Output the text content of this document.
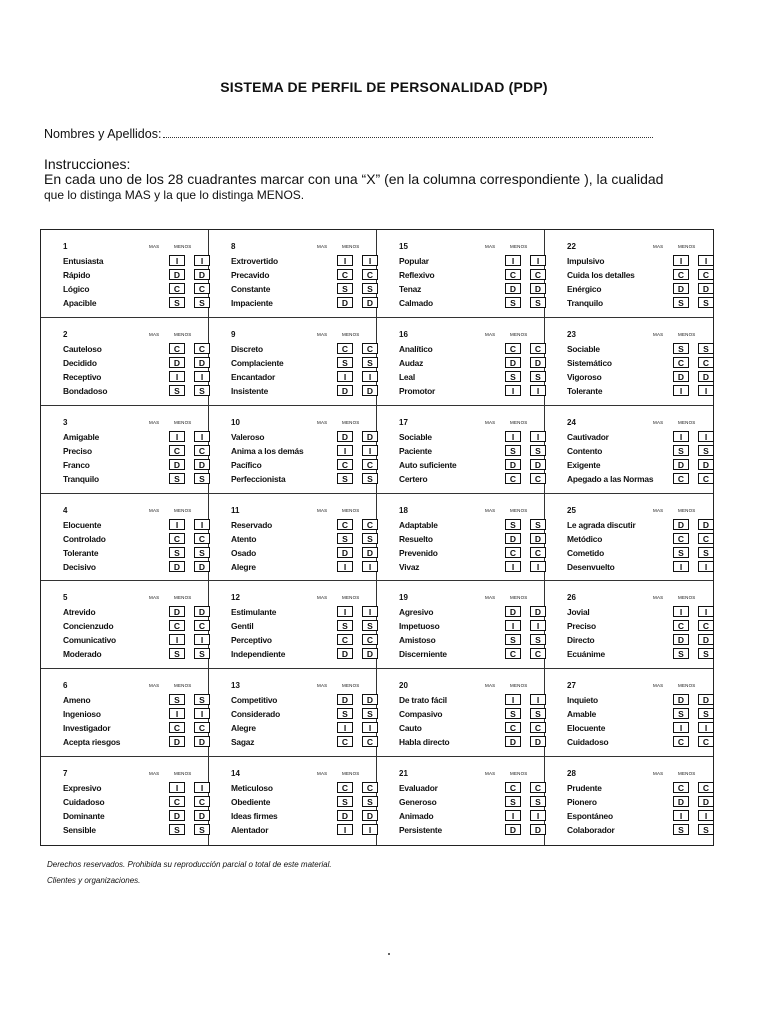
SISTEMA DE PERFIL DE PERSONALIDAD (PDP)
Nombres y Apellidos:
Instrucciones:
En cada uno de los 28 cuadrantes marcar con una “X” (en la columna correspondiente ), la cualidad
que lo distinga MAS y la que lo distinga MENOS.
1	MAS	MENOS
Entusiasta	I	I
Rápido	D	D
Lógico	C	C
Apacible	S	S
8	MAS	MENOS
Extrovertido	I	I
Precavido	C	C
Constante	S	S
Impaciente	D	D
15	MAS	MENOS
Popular	I	I
Reflexivo	C	C
Tenaz	D	D
Calmado	S	S
22	MAS	MENOS
Impulsivo	I	I
Cuida los detalles	C	C
Enérgico	D	D
Tranquilo	S	S
2	MAS	MENOS
Cauteloso	C	C
Decidido	D	D
Receptivo	I	I
Bondadoso	S	S
9	MAS	MENOS
Discreto	C	C
Complaciente	S	S
Encantador	I	I
Insistente	D	D
16	MAS	MENOS
Analítico	C	C
Audaz	D	D
Leal	S	S
Promotor	I	I
23	MAS	MENOS
Sociable	S	S
Sistemático	C	C
Vigoroso	D	D
Tolerante	I	I
3	MAS	MENOS
Amigable	I	I
Preciso	C	C
Franco	D	D
Tranquilo	S	S
10	MAS	MENOS
Valeroso	D	D
Anima a los demás	I	I
Pacífico	C	C
Perfeccionista	S	S
17	MAS	MENOS
Sociable	I	I
Paciente	S	S
Auto suficiente	D	D
Certero	C	C
24	MAS	MENOS
Cautivador	I	I
Contento	S	S
Exigente	D	D
Apegado a las Normas	C	C
4	MAS	MENOS
Elocuente	I	I
Controlado	C	C
Tolerante	S	S
Decisivo	D	D
11	MAS	MENOS
Reservado	C	C
Atento	S	S
Osado	D	D
Alegre	I	I
18	MAS	MENOS
Adaptable	S	S
Resuelto	D	D
Prevenido	C	C
Vivaz	I	I
25	MAS	MENOS
Le agrada discutir	D	D
Metódico	C	C
Cometido	S	S
Desenvuelto	I	I
5	MAS	MENOS
Atrevido	D	D
Concienzudo	C	C
Comunicativo	I	I
Moderado	S	S
12	MAS	MENOS
Estimulante	I	I
Gentil	S	S
Perceptivo	C	C
Independiente	D	D
19	MAS	MENOS
Agresivo	D	D
Impetuoso	I	I
Amistoso	S	S
Discerniente	C	C
26	MAS	MENOS
Jovial	I	I
Preciso	C	C
Directo	D	D
Ecuánime	S	S
6	MAS	MENOS
Ameno	S	S
Ingenioso	I	I
Investigador	C	C
Acepta riesgos	D	D
13	MAS	MENOS
Competitivo	D	D
Considerado	S	S
Alegre	I	I
Sagaz	C	C
20	MAS	MENOS
De trato fácil	I	I
Compasivo	S	S
Cauto	C	C
Habla directo	D	D
27	MAS	MENOS
Inquieto	D	D
Amable	S	S
Elocuente	I	I
Cuidadoso	C	C
7	MAS	MENOS
Expresivo	I	I
Cuidadoso	C	C
Dominante	D	D
Sensible	S	S
14	MAS	MENOS
Meticuloso	C	C
Obediente	S	S
Ideas firmes	D	D
Alentador	I	I
21	MAS	MENOS
Evaluador	C	C
Generoso	S	S
Animado	I	I
Persistente	D	D
28	MAS	MENOS
Prudente	C	C
Pionero	D	D
Espontáneo	I	I
Colaborador	S	S
Derechos reservados. Prohibida su reproducción parcial o total de este material.
Clientes y organizaciones.
